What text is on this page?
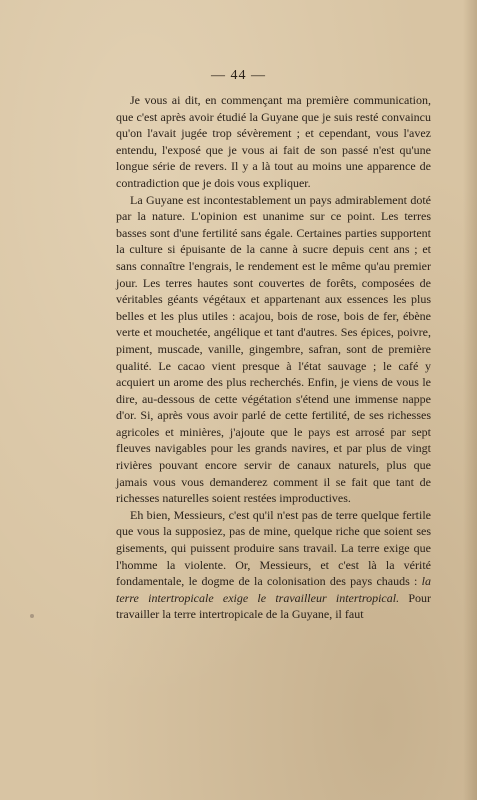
— 44 —

Je vous ai dit, en commençant ma première communication, que c'est après avoir étudié la Guyane que je suis resté convaincu qu'on l'avait jugée trop sévèrement ; et cependant, vous l'avez entendu, l'exposé que je vous ai fait de son passé n'est qu'une longue série de revers. Il y a là tout au moins une apparence de contradiction que je dois vous expliquer.

La Guyane est incontestablement un pays admirablement doté par la nature. L'opinion est unanime sur ce point. Les terres basses sont d'une fertilité sans égale. Certaines parties supportent la culture si épuisante de la canne à sucre depuis cent ans ; et sans connaître l'engrais, le rendement est le même qu'au premier jour. Les terres hautes sont couvertes de forêts, composées de véritables géants végétaux et appartenant aux essences les plus belles et les plus utiles : acajou, bois de rose, bois de fer, ébène verte et mouchetée, angélique et tant d'autres. Ses épices, poivre, piment, muscade, vanille, gingembre, safran, sont de première qualité. Le cacao vient presque à l'état sauvage ; le café y acquiert un arome des plus recherchés. Enfin, je viens de vous le dire, au-dessous de cette végétation s'étend une immense nappe d'or. Si, après vous avoir parlé de cette fertilité, de ses richesses agricoles et minières, j'ajoute que le pays est arrosé par sept fleuves navigables pour les grands navires, et par plus de vingt rivières pouvant encore servir de canaux naturels, plus que jamais vous vous demanderez comment il se fait que tant de richesses naturelles soient restées improductives.

Eh bien, Messieurs, c'est qu'il n'est pas de terre quelque fertile que vous la supposiez, pas de mine, quelque riche que soient ses gisements, qui puissent produire sans travail. La terre exige que l'homme la violente. Or, Messieurs, et c'est là la vérité fondamentale, le dogme de la colonisation des pays chauds : la terre intertropicale exige le travailleur intertropical. Pour travailler la terre intertropicale de la Guyane, il faut
